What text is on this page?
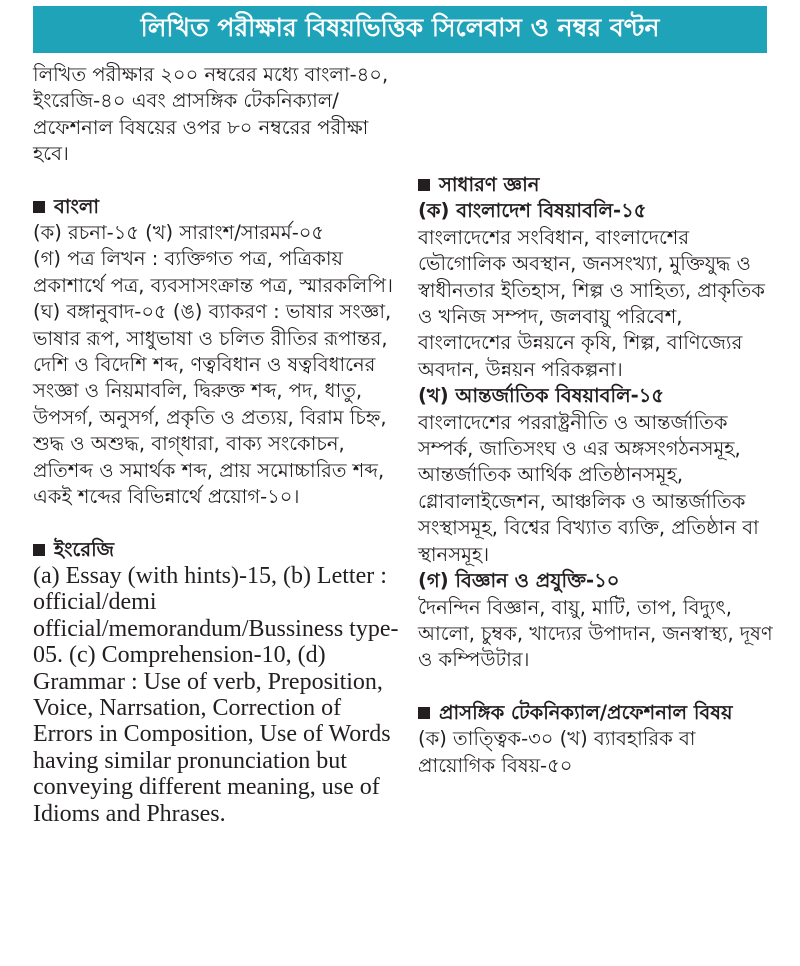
লিখিত পরীক্ষার বিষয়ভিত্তিক সিলেবাস ও নম্বর বণ্টন

লিখিত পরীক্ষার ২০০ নম্বরের মধ্যে বাংলা-৪০, ইংরেজি-৪০ এবং প্রাসঙ্গিক টেকনিক্যাল/প্রফেশনাল বিষয়ের ওপর ৮০ নম্বরের পরীক্ষা হবে।

বাংলা

(ক) রচনা-১৫ (খ) সারাংশ/সারমর্ম-০৫

(গ) পত্র লিখন : ব্যক্তিগত পত্র, পত্রিকায় প্রকাশার্থে পত্র, ব্যবসাসংক্রান্ত পত্র, স্মারকলিপি।

(ঘ) বঙ্গানুবাদ-০৫ (ঙ) ব্যাকরণ : ভাষার সংজ্ঞা, ভাষার রূপ, সাধুভাষা ও চলিত রীতির রূপান্তর, দেশি ও বিদেশি শব্দ, ণত্ববিধান ও ষত্ববিধানের সংজ্ঞা ও নিয়মাবলি, দ্বিরুক্ত শব্দ, পদ, ধাতু, উপসর্গ, অনুসর্গ, প্রকৃতি ও প্রত্যয়, বিরাম চিহ্ন, শুদ্ধ ও অশুদ্ধ, বাগ্‌ধারা, বাক্য সংকোচন, প্রতিশব্দ ও সমার্থক শব্দ, প্রায় সমোচ্চারিত শব্দ, একই শব্দের বিভিন্নার্থে প্রয়োগ-১০।

ইংরেজি

(a) Essay (with hints)-15, (b) Letter : official/demi official/memorandum/Bussiness type-05. (c) Comprehension-10, (d) Grammar : Use of verb, Preposition, Voice, Narrsation, Correction of Errors in Composition, Use of Words having similar pronunciation but conveying different meaning, use of Idioms and Phrases.

সাধারণ জ্ঞান

(ক) বাংলাদেশ বিষয়াবলি-১৫

বাংলাদেশের সংবিধান, বাংলাদেশের ভৌগোলিক অবস্থান, জনসংখ্যা, মুক্তিযুদ্ধ ও স্বাধীনতার ইতিহাস, শিল্প ও সাহিত্য, প্রাকৃতিক ও খনিজ সম্পদ, জলবায়ু পরিবেশ, বাংলাদেশের উন্নয়নে কৃষি, শিল্প, বাণিজ্যের অবদান, উন্নয়ন পরিকল্পনা।

(খ) আন্তর্জাতিক বিষয়াবলি-১৫

বাংলাদেশের পররাষ্ট্রনীতি ও আন্তর্জাতিক সম্পর্ক, জাতিসংঘ ও এর অঙ্গসংগঠনসমূহ, আন্তর্জাতিক আর্থিক প্রতিষ্ঠানসমূহ, গ্লোবালাইজেশন, আঞ্চলিক ও আন্তর্জাতিক সংস্থাসমূহ, বিশ্বের বিখ্যাত ব্যক্তি, প্রতিষ্ঠান বা স্থানসমূহ।

(গ) বিজ্ঞান ও প্রযুক্তি-১০

দৈনন্দিন বিজ্ঞান, বায়ু, মাটি, তাপ, বিদ্যুৎ, আলো, চুম্বক, খাদ্যের উপাদান, জনস্বাস্থ্য, দূষণ ও কম্পিউটার।

প্রাসঙ্গিক টেকনিক্যাল/প্রফেশনাল বিষয়

(ক) তাত্ত্বিক-৩০ (খ) ব্যাবহারিক বা প্রায়োগিক বিষয়-৫০
